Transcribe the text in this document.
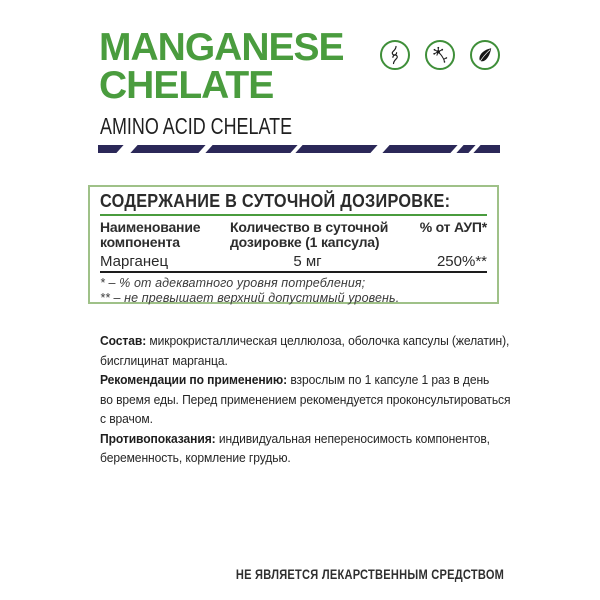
MANGANESE
CHELATE
AMINO ACID CHELATE
СОДЕРЖАНИЕ В СУТОЧНОЙ ДОЗИРОВКЕ:
Наименование
компонента
Количество в суточной
дозировке (1 капсула)
% от АУП*
Марганец	5 мг	250%**
* – % от адекватного уровня потребления;
** – не превышает верхний допустимый уровень.
Состав: микрокристаллическая целлюлоза, оболочка капсулы (желатин),
бисглицинат марганца.
Рекомендации по применению: взрослым по 1 капсуле 1 раз в день
во время еды. Перед применением рекомендуется проконсультироваться
с врачом.
Противопоказания: индивидуальная непереносимость компонентов,
беременность, кормление грудью.
НЕ ЯВЛЯЕТСЯ ЛЕКАРСТВЕННЫМ СРЕДСТВОМ
